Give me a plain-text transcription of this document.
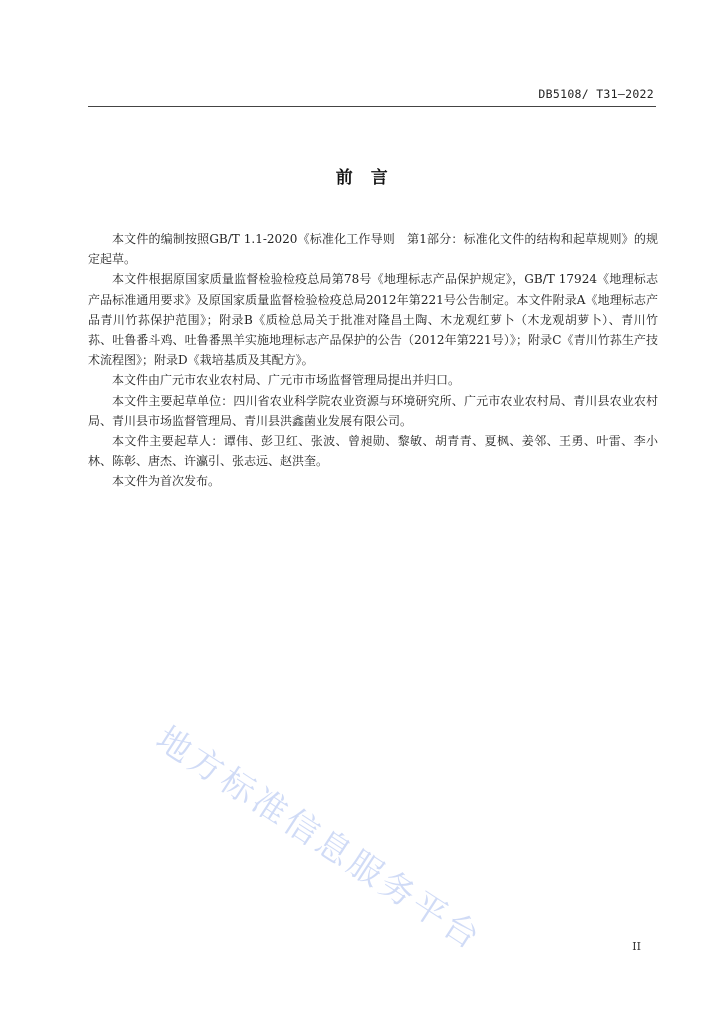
DB5108/ T31—2022
前　言

本文件的编制按照GB/T 1.1-2020《标准化工作导则　第1部分：标准化文件的结构和起草规则》的规定起草。

本文件根据原国家质量监督检验检疫总局第78号《地理标志产品保护规定》，GB/T 17924《地理标志产品标准通用要求》及原国家质量监督检验检疫总局2012年第221号公告制定。本文件附录A《地理标志产品青川竹荪保护范围》；附录B《质检总局关于批准对隆昌土陶、木龙观红萝卜（木龙观胡萝卜）、青川竹荪、吐鲁番斗鸡、吐鲁番黑羊实施地理标志产品保护的公告（2012年第221号）》；附录C《青川竹荪生产技术流程图》；附录D《栽培基质及其配方》。

本文件由广元市农业农村局、广元市市场监督管理局提出并归口。

本文件主要起草单位：四川省农业科学院农业资源与环境研究所、广元市农业农村局、青川县农业农村局、青川县市场监督管理局、青川县洪鑫菌业发展有限公司。

本文件主要起草人：谭伟、彭卫红、张波、曾昶勋、黎敏、胡青青、夏枫、姜邻、王勇、叶雷、李小林、陈彰、唐杰、许瀛引、张志远、赵洪奎。

本文件为首次发布。

地方标准信息服务平台	II
